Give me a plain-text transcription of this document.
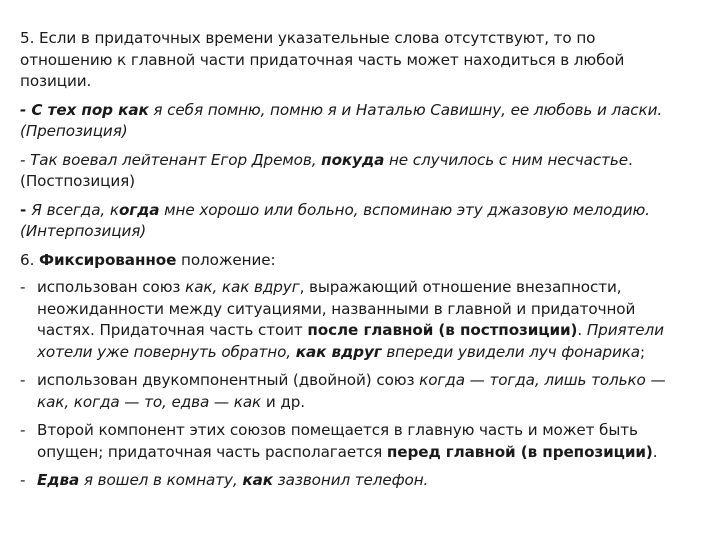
5. Если в придаточных времени указательные слова отсутствуют, то по отношению к главной части придаточная часть может находиться в любой позиции.

- С тех пор как я себя помню, помню я и Наталью Савишну, ее любовь и ласки. (Препозиция)

- Так воевал лейтенант Егор Дремов, покуда не случилось с ним несчастье. (Постпозиция)

- Я всегда, когда мне хорошо или больно, вспоминаю эту джазовую мелодию. (Интерпозиция)

6. Фиксированное положение:

- использован союз как, как вдруг, выражающий отношение внезапности, неожиданности между ситуациями, названными в главной и придаточной частях. Придаточная часть стоит после главной (в постпозиции). Приятели хотели уже повернуть обратно, как вдруг впереди увидели луч фонарика;
- использован двукомпонентный (двойной) союз когда — тогда, лишь только — как, когда — то, едва — как и др.
- Второй компонент этих союзов помещается в главную часть и может быть опущен; придаточная часть располагается перед главной (в препозиции).
- Едва я вошел в комнату, как зазвонил телефон.
